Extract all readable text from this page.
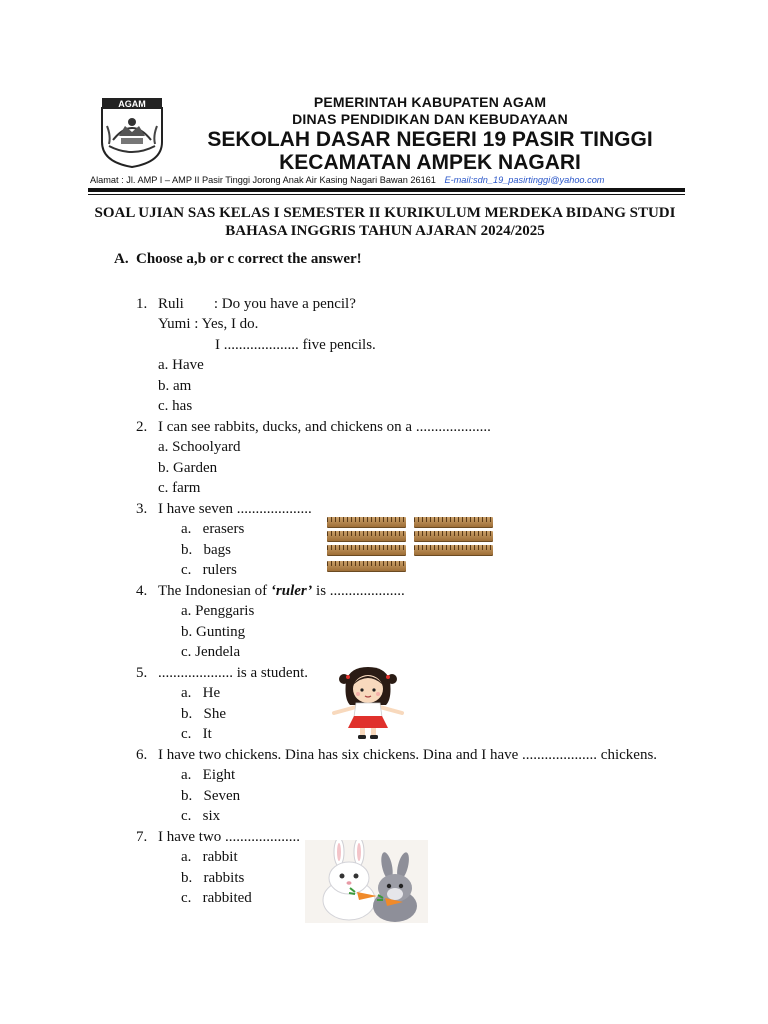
AGAM	PEMERINTAH KABUPATEN AGAM
DINAS PENDIDIKAN DAN KEBUDAYAAN
SEKOLAH DASAR NEGERI 19 PASIR TINGGI
KECAMATAN AMPEK NAGARI
Alamat : Jl. AMP I – AMP II Pasir Tinggi Jorong Anak Air Kasing Nagari Bawan 26161 E-mail:sdn_19_pasirtinggi@yahoo.com
SOAL UJIAN SAS KELAS I SEMESTER II KURIKULUM MERDEKA BIDANG STUDI
BAHASA INGGRIS TAHUN AJARAN 2024/2025
A. Choose a,b or c correct the answer!
1. Ruli        : Do you have a pencil?
Yumi : Yes, I do.
I .................... five pencils.
a. Have
b. am
c. has
2. I can see rabbits, ducks, and chickens on a ....................
a. Schoolyard
b. Garden
c. farm
3. I have seven ....................
a.   erasers
b.   bags
c.   rulers
4. The Indonesian of ‘ruler’ is ....................
a. Penggaris
b. Gunting
c. Jendela
5. .................... is a student.
a.   He
b.   She
c.   It
6. I have two chickens. Dina has six chickens. Dina and I have .................... chickens.
a.   Eight
b.   Seven
c.   six
7. I have two ....................
a.   rabbit
b.   rabbits
c.   rabbited
